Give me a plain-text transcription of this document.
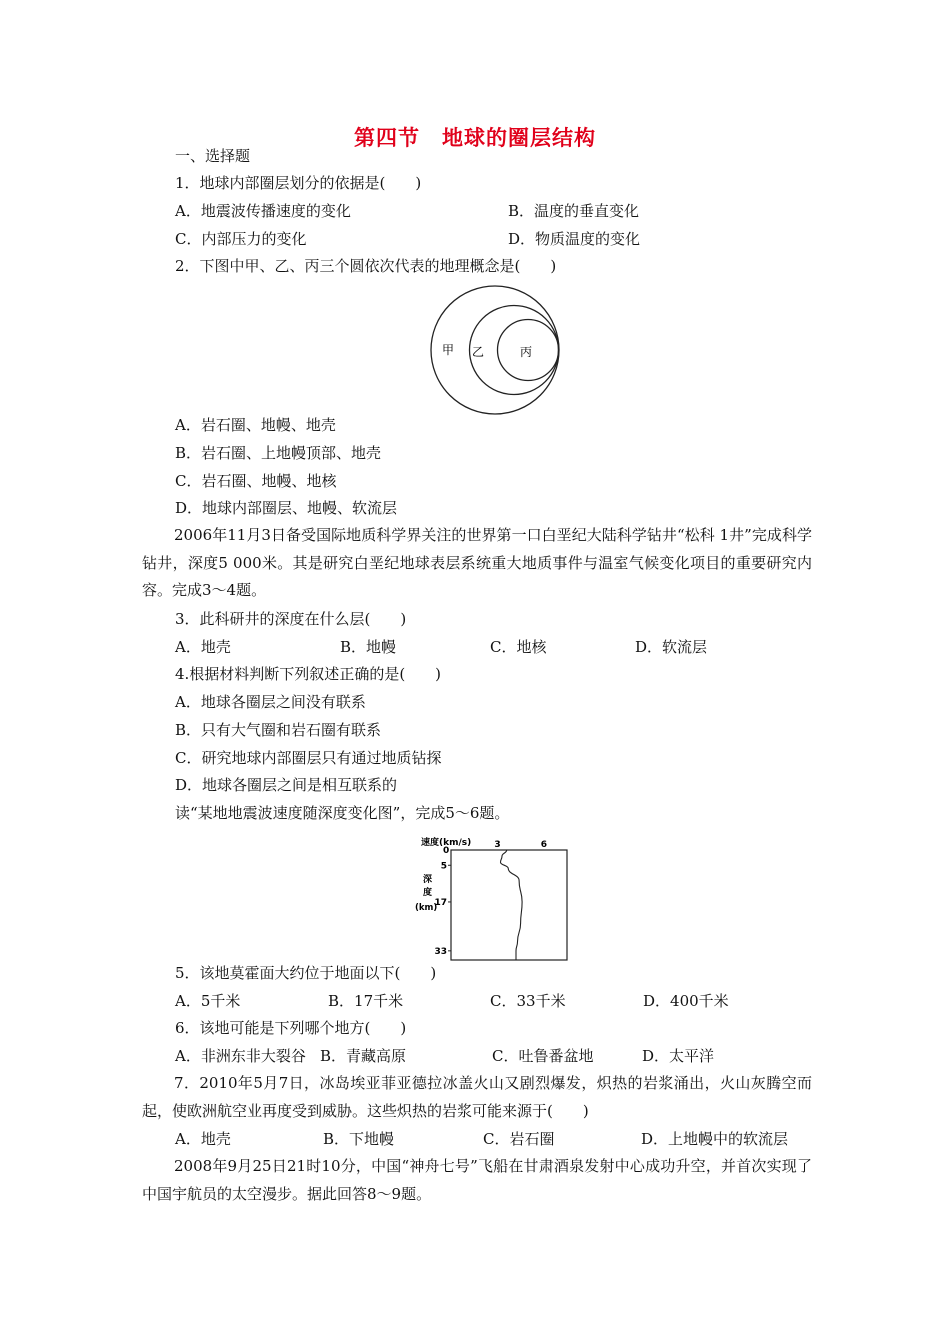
第四节　地球的圈层结构
一、选择题
1．地球内部圈层划分的依据是(　　)
A．地震波传播速度的变化	B．温度的垂直变化
C．内部压力的变化	D．物质温度的变化
2．下图中甲、乙、丙三个圆依次代表的地理概念是(　　)
甲 乙	丙
A．岩石圈、地幔、地壳
B．岩石圈、上地幔顶部、地壳
C．岩石圈、地幔、地核
D．地球内部圈层、地幔、软流层
2006年11月3日备受国际地质科学界关注的世界第一口白垩纪大陆科学钻井“松科 1井”完成科学钻井，深度5 000米。其是研究白垩纪地球表层系统重大地质事件与温室气候变化项目的重要研究内容。完成3～4题。
3．此科研井的深度在什么层(　　)
A．地壳	B．地幔	C．地核	D．软流层
4.根据材料判断下列叙述正确的是(　　)
A．地球各圈层之间没有联系
B．只有大气圈和岩石圈有联系
C．研究地球内部圈层只有通过地质钻探
D．地球各圈层之间是相互联系的
读“某地地震波速度随深度变化图”，完成5～6题。
速度(km/s)
深
度
(km)
0
3	6
5
17
33
5．该地莫霍面大约位于地面以下(　　)
A．5千米	B．17千米	C．33千米	D．400千米
6．该地可能是下列哪个地方(　　)
A．非洲东非大裂谷 B．青藏高原	C．吐鲁番盆地	D．太平洋
7．2010年5月7日，冰岛埃亚菲亚德拉冰盖火山又剧烈爆发，炽热的岩浆涌出，火山灰腾空而起，使欧洲航空业再度受到威胁。这些炽热的岩浆可能来源于(　　)
A．地壳	B．下地幔	C．岩石圈	D．上地幔中的软流层
2008年9月25日21时10分，中国“神舟七号”飞船在甘肃酒泉发射中心成功升空，并首次实现了中国宇航员的太空漫步。据此回答8～9题。
